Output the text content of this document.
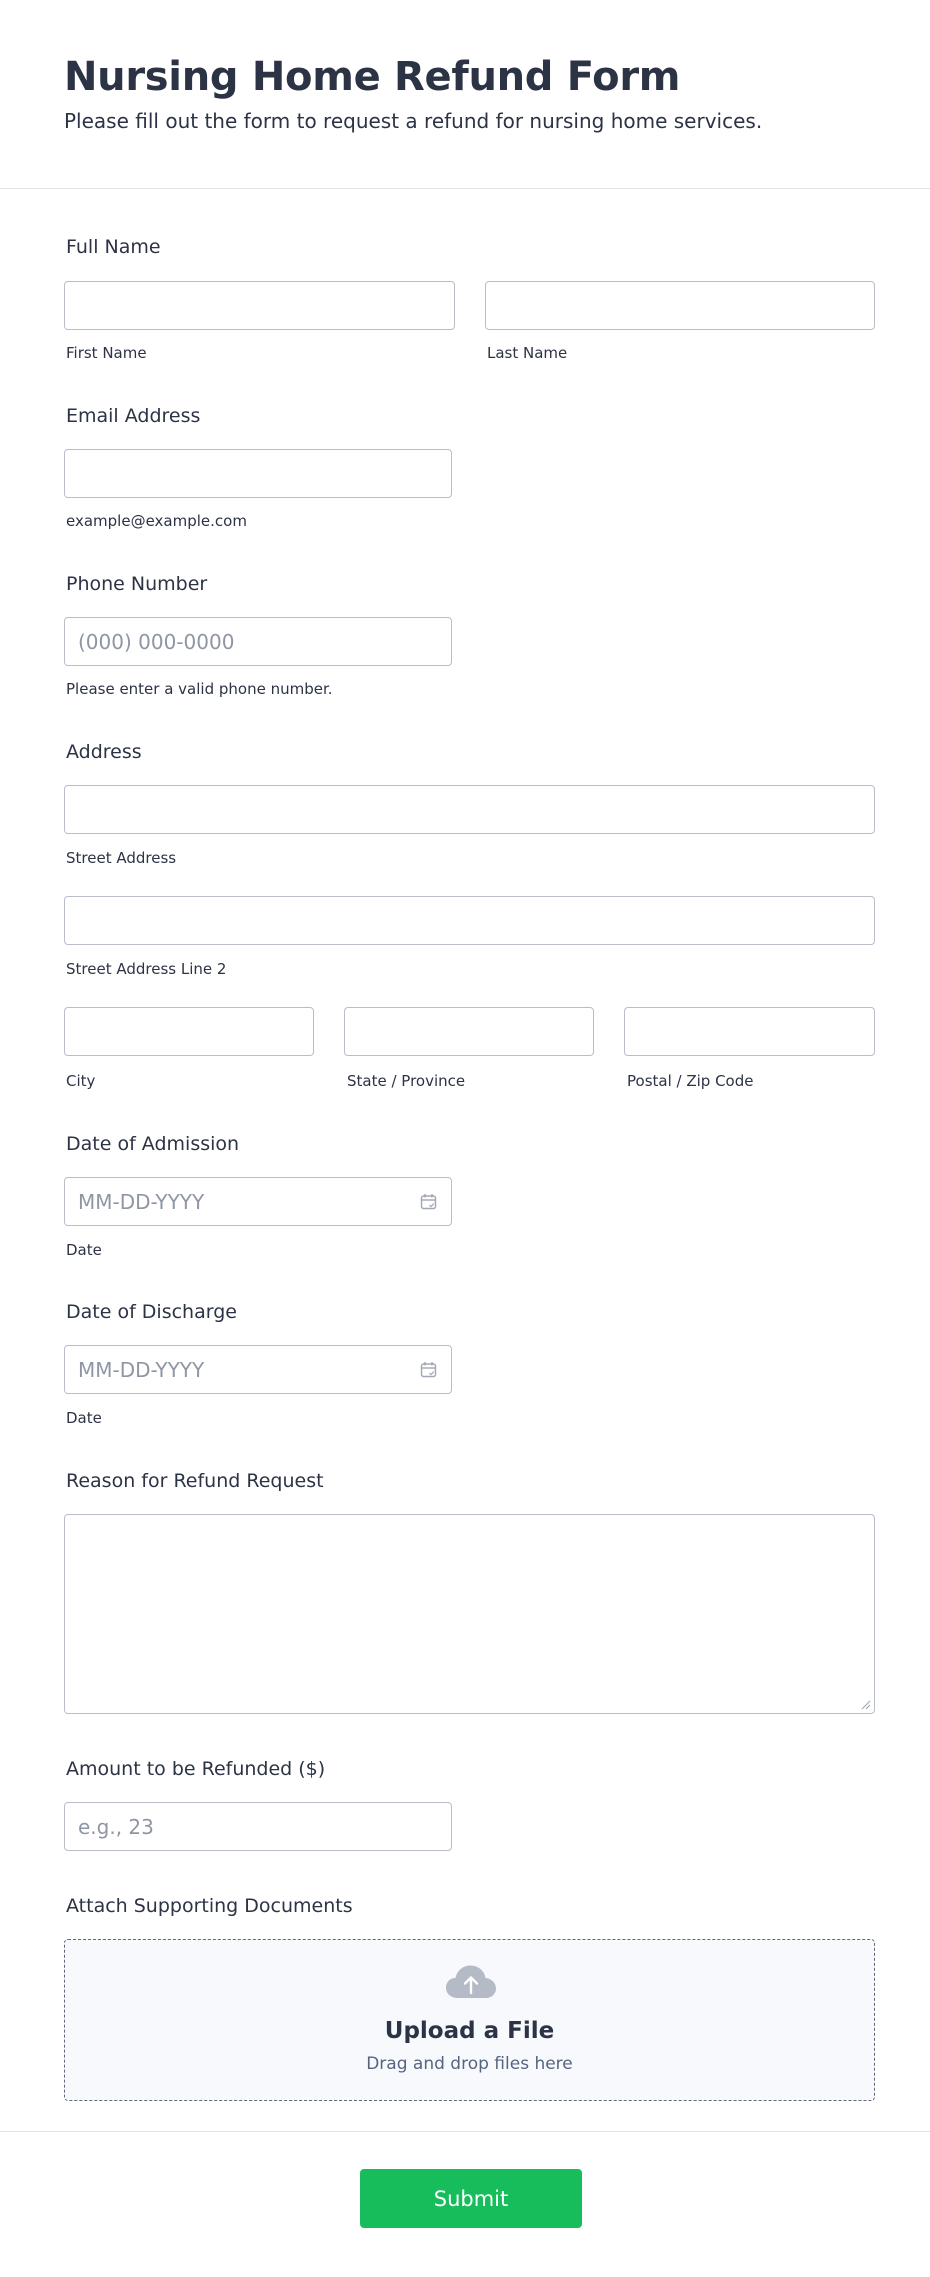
Nursing Home Refund Form

Please fill out the form to request a refund for nursing home services.

Full Name
First Name	Last Name
Email Address
example@example.com
Phone Number
(000) 000-0000
Please enter a valid phone number.
Address
Street Address
Street Address Line 2
City	State / Province	Postal / Zip Code
Date of Admission
MM-DD-YYYY
Date
Date of Discharge
MM-DD-YYYY
Date
Reason for Refund Request
Amount to be Refunded ($)
e.g., 23
Attach Supporting Documents
Upload a File
Drag and drop files here
Submit
